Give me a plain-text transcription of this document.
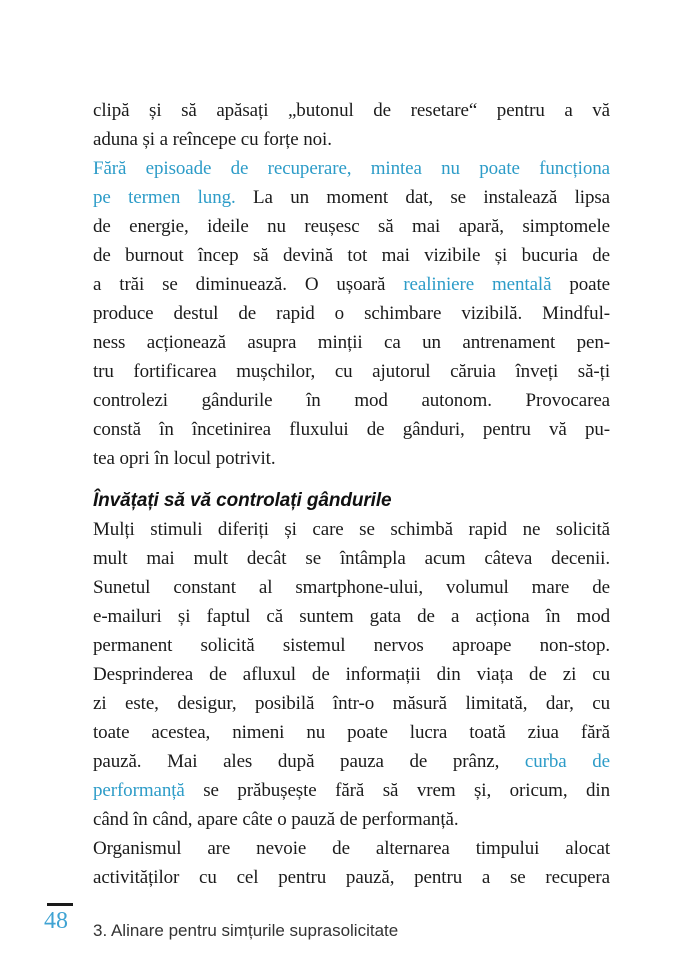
clipă și să apăsați „butonul de resetare“ pentru a vă
aduna și a reîncepe cu forțe noi.
Fără episoade de recuperare, mintea nu poate funcționa
pe termen lung. La un moment dat, se instalează lipsa
de energie, ideile nu reușesc să mai apară, simptomele
de burnout încep să devină tot mai vizibile și bucuria de
a trăi se diminuează. O ușoară realiniere mentală poate
produce destul de rapid o schimbare vizibilă. Mindful-
ness acționează asupra minții ca un antrenament pen-
tru fortificarea mușchilor, cu ajutorul căruia înveți să-ți
controlezi gândurile în mod autonom. Provocarea
constă în încetinirea fluxului de gânduri, pentru vă pu-
tea opri în locul potrivit.
Învățați să vă controlați gândurile
Mulți stimuli diferiți și care se schimbă rapid ne solicită
mult mai mult decât se întâmpla acum câteva decenii.
Sunetul constant al smartphone-ului, volumul mare de
e-mailuri și faptul că suntem gata de a acționa în mod
permanent solicită sistemul nervos aproape non-stop.
Desprinderea de afluxul de informații din viața de zi cu
zi este, desigur, posibilă într-o măsură limitată, dar, cu
toate acestea, nimeni nu poate lucra toată ziua fără
pauză. Mai ales după pauza de prânz, curba de
performanță se prăbușește fără să vrem și, oricum, din
când în când, apare câte o pauză de performanță.
Organismul are nevoie de alternarea timpului alocat
activităților cu cel pentru pauză, pentru a se recupera
48	3. Alinare pentru simțurile suprasolicitate
